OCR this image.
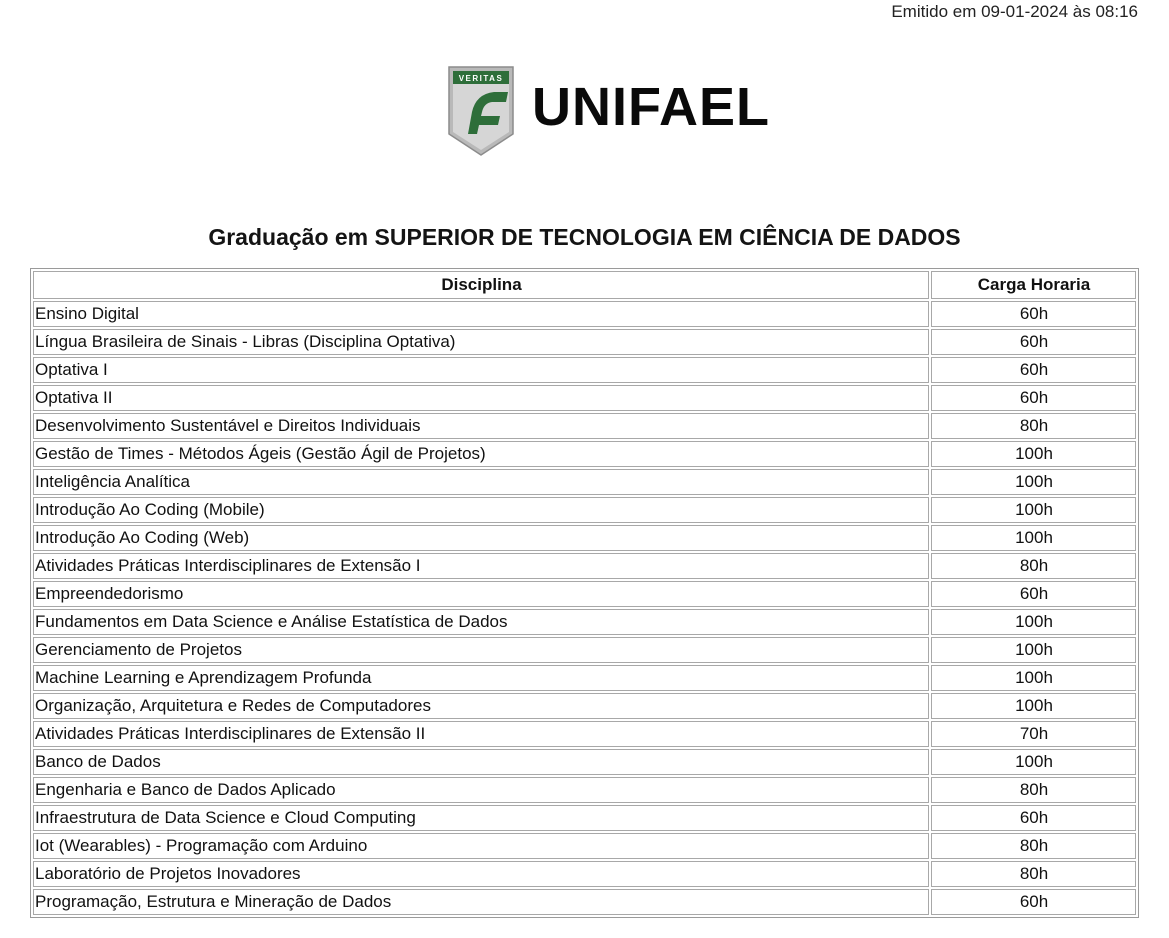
Emitido em 09-01-2024 às 08:16
VERITAS UNIFAEL
Graduação em SUPERIOR DE TECNOLOGIA EM CIÊNCIA DE DADOS
Disciplina	Carga Horaria
Ensino Digital	60h
Língua Brasileira de Sinais - Libras (Disciplina Optativa)	60h
Optativa I	60h
Optativa II	60h
Desenvolvimento Sustentável e Direitos Individuais	80h
Gestão de Times - Métodos Ágeis (Gestão Ágil de Projetos)	100h
Inteligência Analítica	100h
Introdução Ao Coding (Mobile)	100h
Introdução Ao Coding (Web)	100h
Atividades Práticas Interdisciplinares de Extensão I	80h
Empreendedorismo	60h
Fundamentos em Data Science e Análise Estatística de Dados	100h
Gerenciamento de Projetos	100h
Machine Learning e Aprendizagem Profunda	100h
Organização, Arquitetura e Redes de Computadores	100h
Atividades Práticas Interdisciplinares de Extensão II	70h
Banco de Dados	100h
Engenharia e Banco de Dados Aplicado	80h
Infraestrutura de Data Science e Cloud Computing	60h
Iot (Wearables) - Programação com Arduino	80h
Laboratório de Projetos Inovadores	80h
Programação, Estrutura e Mineração de Dados	60h
